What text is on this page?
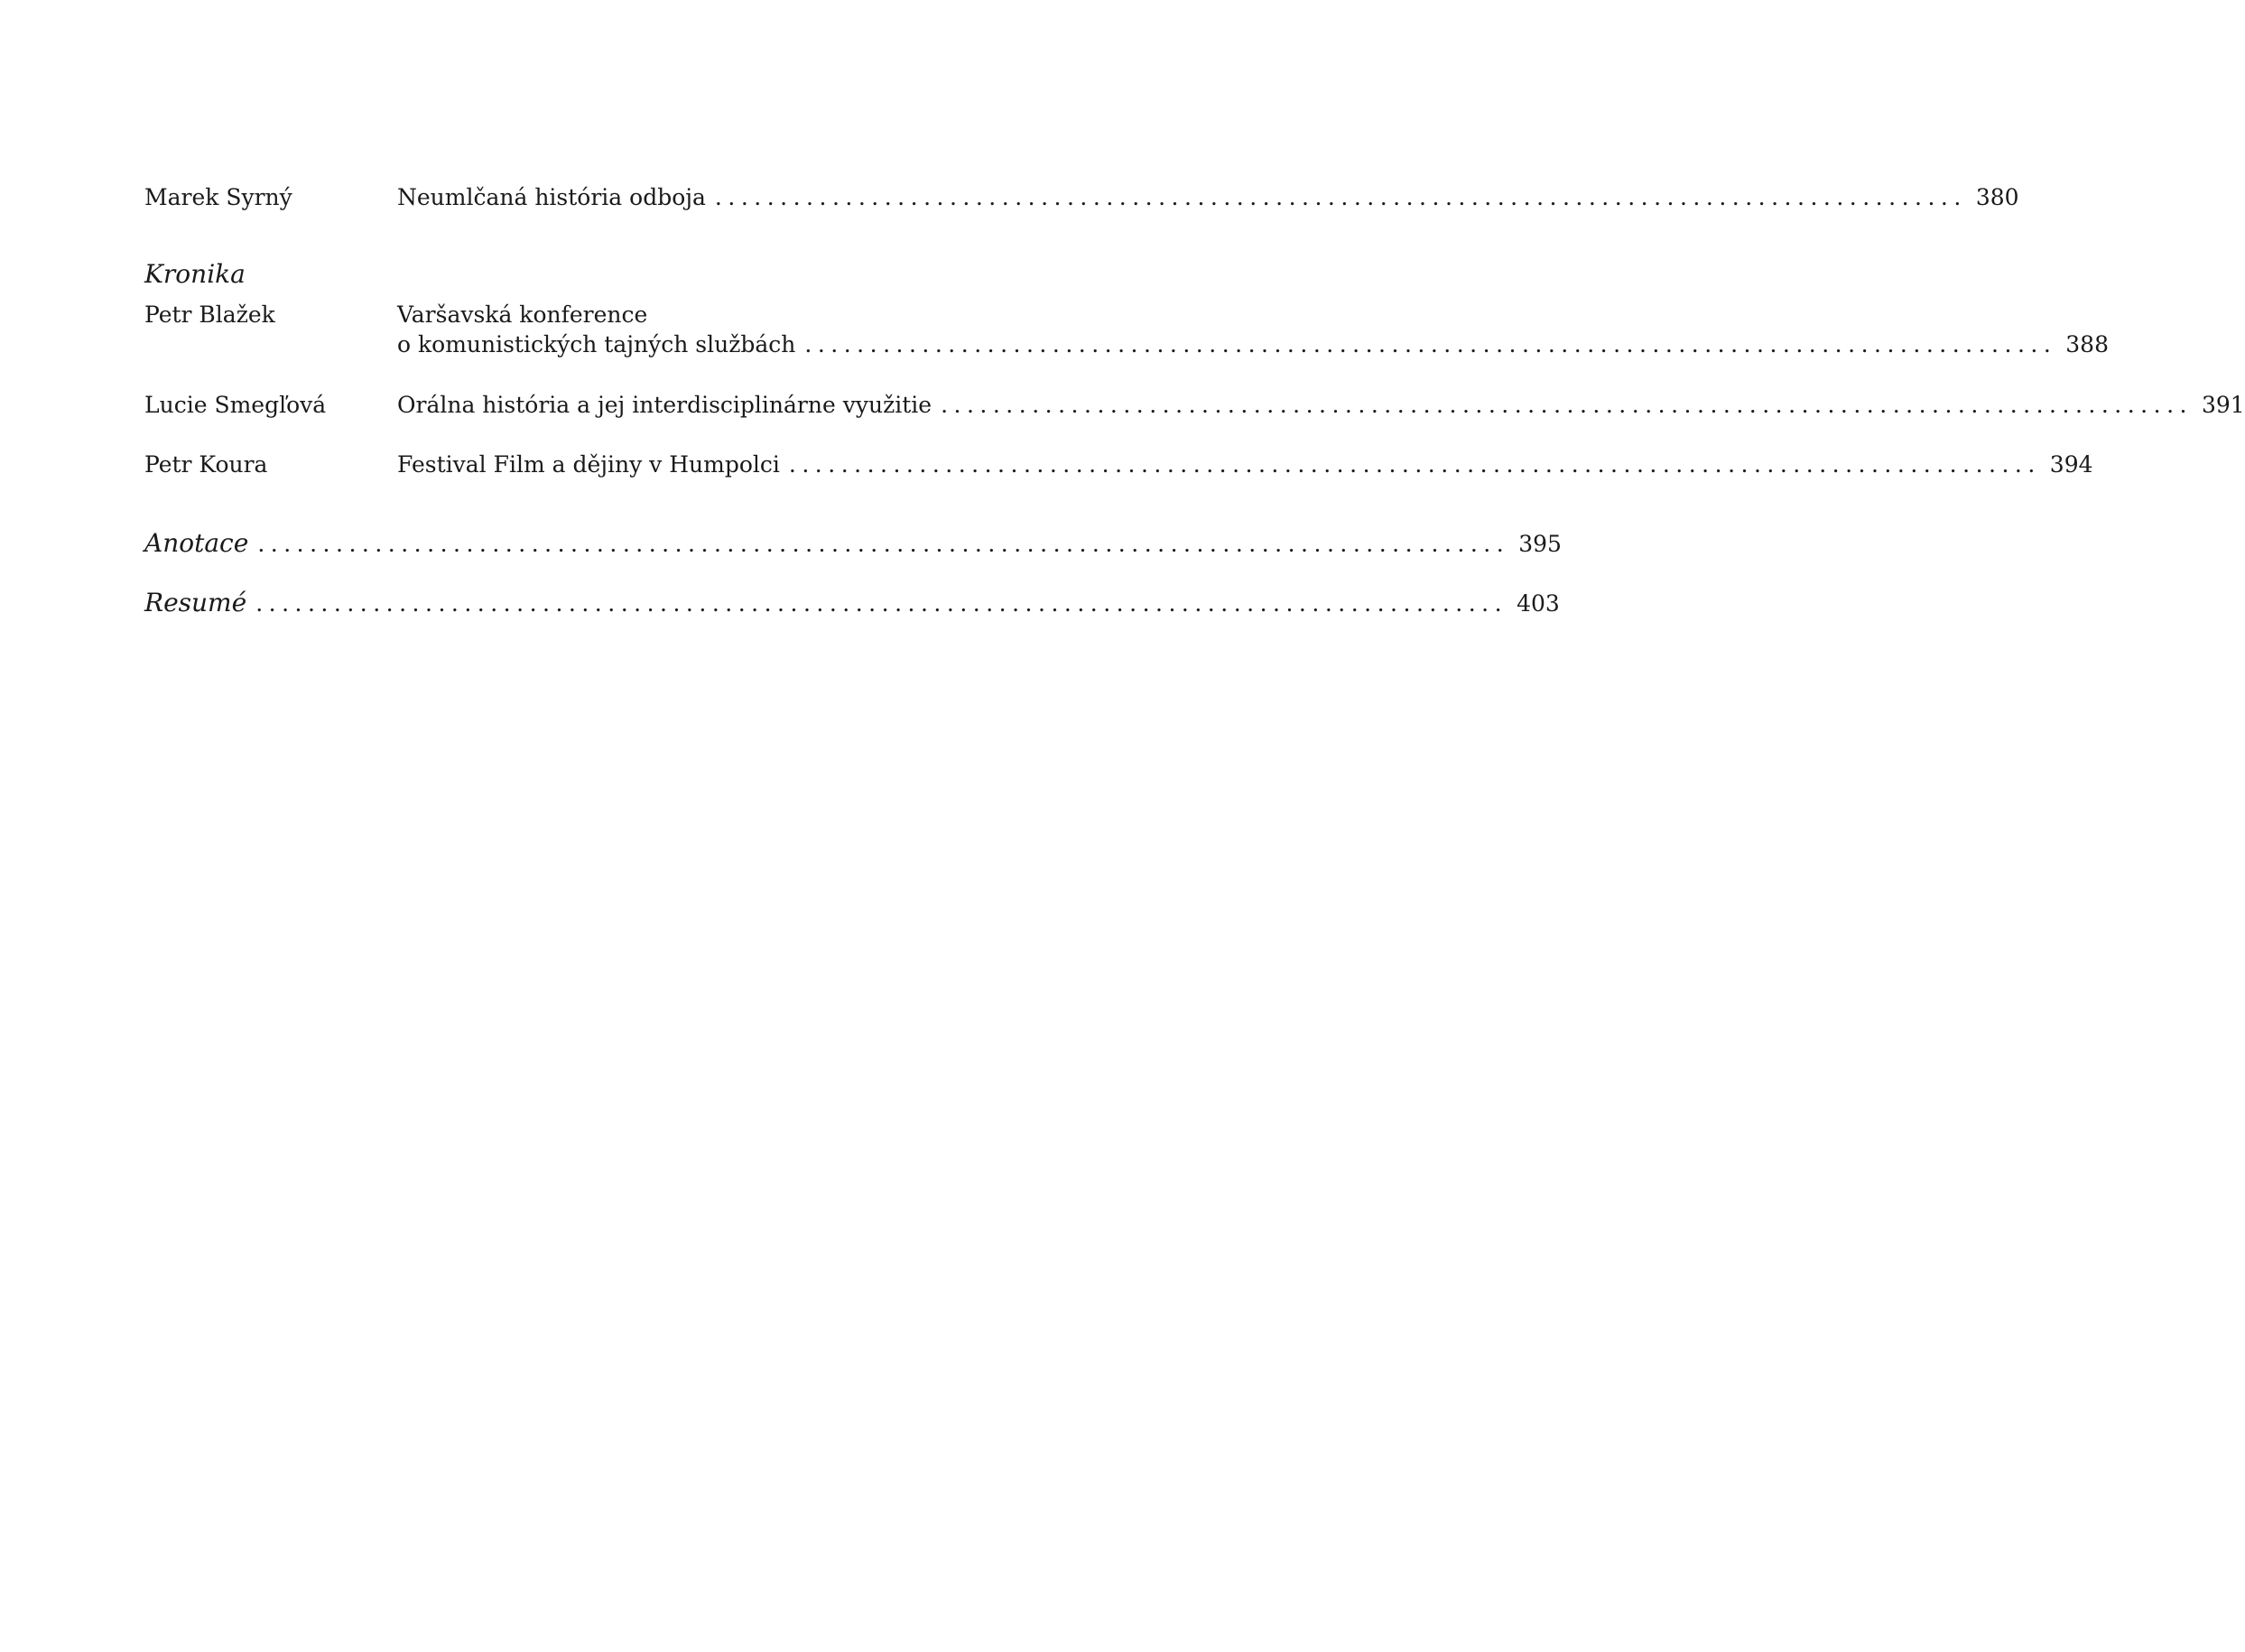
Marek Syrný	Neumlčaná história odboja ................................................................................................ 380
Kronika
Petr Blažek	Varšavská konference
o komunistických tajných službách ................................................................................................ 388
Lucie Smegľová	Orálna história a jej interdisciplinárne využitie ................................................................................................ 391
Petr Koura	Festival Film a dějiny v Humpolci ................................................................................................ 394
Anotace ................................................................................................ 395
Resumé ................................................................................................ 403
